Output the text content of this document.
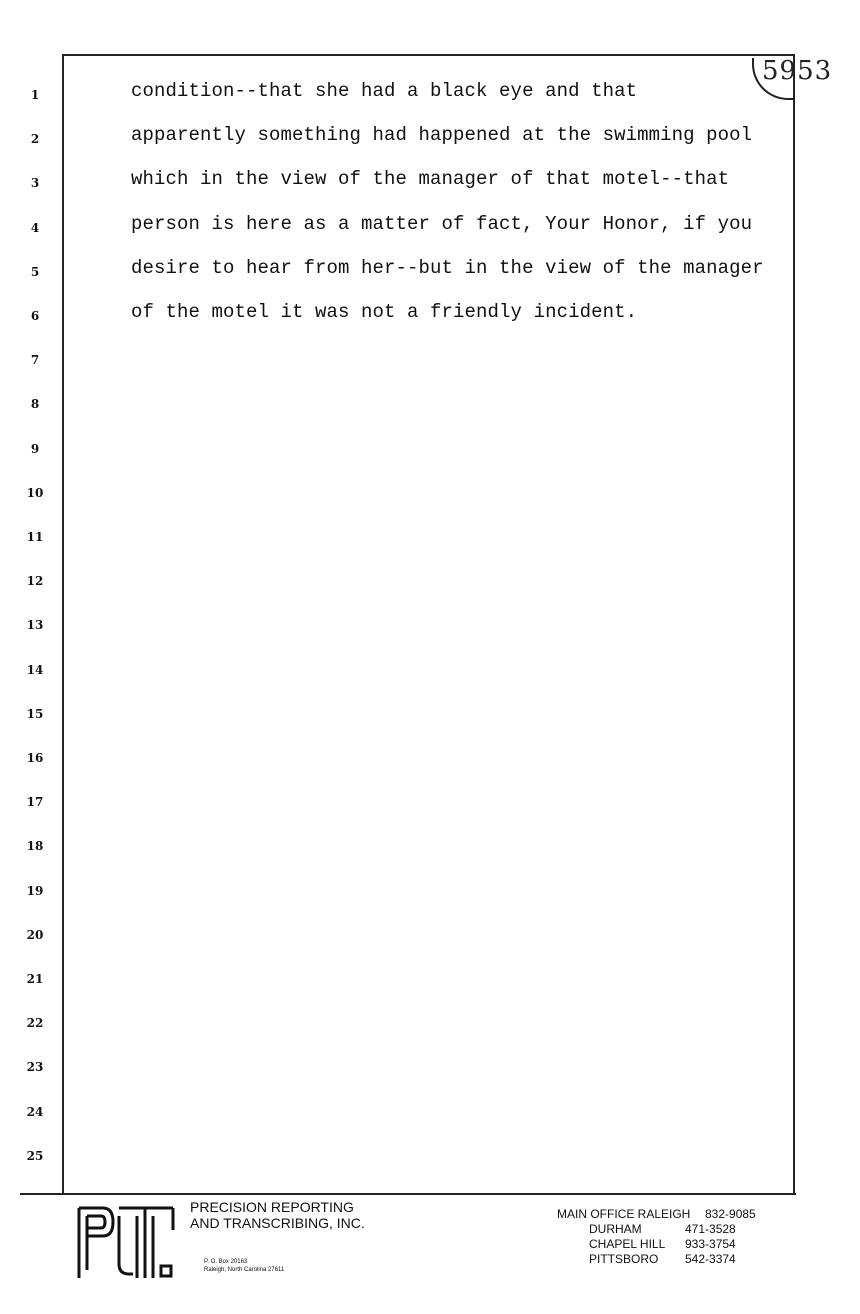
5953
1
2
3
4
5
6
7
8
9
10
11
12
13
14
15
16
17
18
19
20
21
22
23
24
25
condition--that she had a black eye and that
apparently something had happened at the swimming pool
which in the view of the manager of that motel--that
person is here as a matter of fact, Your Honor, if you
desire to hear from her--but in the view of the manager
of the motel it was not a friendly incident.
PRECISION REPORTING
AND TRANSCRIBING, INC.
P. O. Box 20163
Raleigh, North Carolina 27611
MAIN OFFICE RALEIGH	832-9085
DURHAM	471-3528
CHAPEL HILL	933-3754
PITTSBORO	542-3374
